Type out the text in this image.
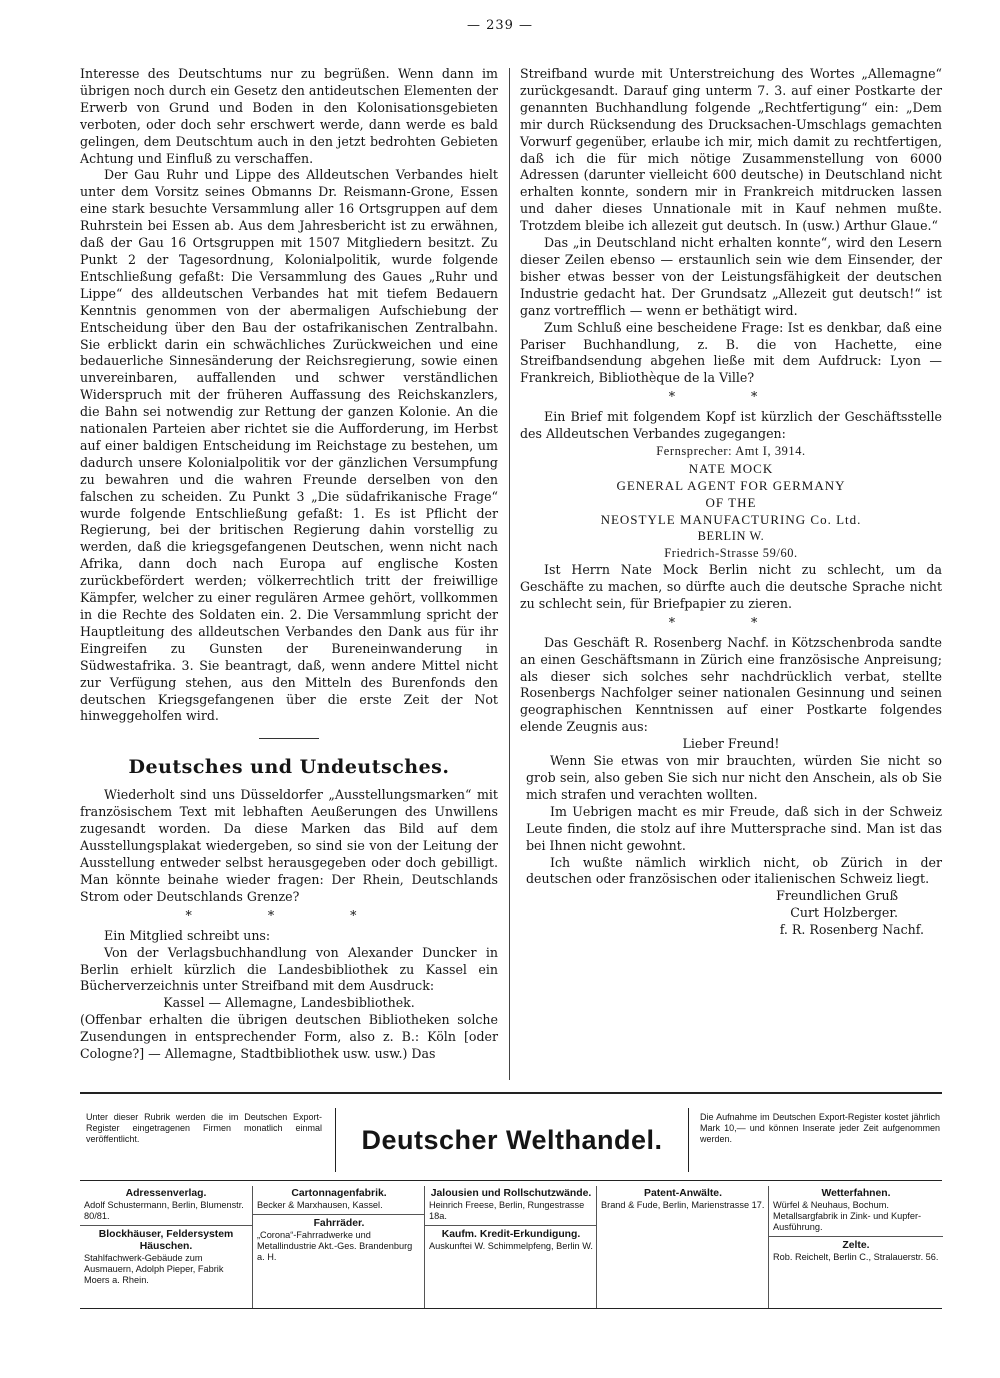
— 239 —

Interesse des Deutschtums nur zu begrüßen. Wenn dann im übrigen noch durch ein Gesetz den antideutschen Elementen der Erwerb von Grund und Boden in den Kolonisationsgebieten verboten, oder doch sehr erschwert werde, dann werde es bald gelingen, dem Deutschtum auch in den jetzt bedrohten Gebieten Achtung und Einfluß zu verschaffen.

Der Gau Ruhr und Lippe des Alldeutschen Verbandes hielt unter dem Vorsitz seines Obmanns Dr. Reismann-Grone, Essen eine stark besuchte Versammlung aller 16 Ortsgruppen auf dem Ruhrstein bei Essen ab. Aus dem Jahresbericht ist zu erwähnen, daß der Gau 16 Ortsgruppen mit 1507 Mitgliedern besitzt. Zu Punkt 2 der Tagesordnung, Kolonialpolitik, wurde folgende Entschließung gefaßt: Die Versammlung des Gaues „Ruhr und Lippe“ des alldeutschen Verbandes hat mit tiefem Bedauern Kenntnis genommen von der abermaligen Aufschiebung der Entscheidung über den Bau der ostafrikanischen Zentralbahn. Sie erblickt darin ein schwächliches Zurückweichen und eine bedauerliche Sinnesänderung der Reichsregierung, sowie einen unvereinbaren, auffallenden und schwer verständlichen Widerspruch mit der früheren Auffassung des Reichskanzlers, die Bahn sei notwendig zur Rettung der ganzen Kolonie. An die nationalen Parteien aber richtet sie die Aufforderung, im Herbst auf einer baldigen Entscheidung im Reichstage zu bestehen, um dadurch unsere Kolonialpolitik vor der gänzlichen Versumpfung zu bewahren und die wahren Freunde derselben von den falschen zu scheiden. Zu Punkt 3 „Die südafrikanische Frage“ wurde folgende Entschließung gefaßt: 1. Es ist Pflicht der Regierung, bei der britischen Regierung dahin vorstellig zu werden, daß die kriegsgefangenen Deutschen, wenn nicht nach Afrika, dann doch nach Europa auf englische Kosten zurückbefördert werden; völkerrechtlich tritt der freiwillige Kämpfer, welcher zu einer regulären Armee gehört, vollkommen in die Rechte des Soldaten ein. 2. Die Versammlung spricht der Hauptleitung des alldeutschen Verbandes den Dank aus für ihr Eingreifen zu Gunsten der Bureneinwanderung in Südwestafrika. 3. Sie beantragt, daß, wenn andere Mittel nicht zur Verfügung stehen, aus den Mitteln des Burenfonds den deutschen Kriegsgefangenen über die erste Zeit der Not hinweggeholfen wird.

Deutsches und Undeutsches.

Wiederholt sind uns Düsseldorfer „Ausstellungsmarken“ mit französischem Text mit lebhaften Aeußerungen des Unwillens zugesandt worden. Da diese Marken das Bild auf dem Ausstellungsplakat wiedergeben, so sind sie von der Leitung der Ausstellung entweder selbst herausgegeben oder doch gebilligt. Man könnte beinahe wieder fragen: Der Rhein, Deutschlands Strom oder Deutschlands Grenze?

* * *

Ein Mitglied schreibt uns:

Von der Verlagsbuchhandlung von Alexander Duncker in Berlin erhielt kürzlich die Landesbibliothek zu Kassel ein Bücherverzeichnis unter Streifband mit dem Ausdruck:

Kassel — Allemagne, Landesbibliothek.

(Offenbar erhalten die übrigen deutschen Bibliotheken solche Zusendungen in entsprechender Form, also z. B.: Köln [oder Cologne?] — Allemagne, Stadtbibliothek usw. usw.) Das

Streifband wurde mit Unterstreichung des Wortes „Allemagne“ zurückgesandt. Darauf ging unterm 7. 3. auf einer Postkarte der genannten Buchhandlung folgende „Rechtfertigung“ ein: „Dem mir durch Rücksendung des Drucksachen-Umschlags gemachten Vorwurf gegenüber, erlaube ich mir, mich damit zu rechtfertigen, daß ich die für mich nötige Zusammenstellung von 6000 Adressen (darunter vielleicht 600 deutsche) in Deutschland nicht erhalten konnte, sondern mir in Frankreich mitdrucken lassen und daher dieses Unnationale mit in Kauf nehmen mußte. Trotzdem bleibe ich allezeit gut deutsch. In (usw.) Arthur Glaue.“

Das „in Deutschland nicht erhalten konnte“, wird den Lesern dieser Zeilen ebenso — erstaunlich sein wie dem Einsender, der bisher etwas besser von der Leistungsfähigkeit der deutschen Industrie gedacht hat. Der Grundsatz „Allezeit gut deutsch!“ ist ganz vortrefflich — wenn er bethätigt wird.

Zum Schluß eine bescheidene Frage: Ist es denkbar, daß eine Pariser Buchhandlung, z. B. die von Hachette, eine Streifbandsendung abgehen ließe mit dem Aufdruck: Lyon — Frankreich, Bibliothèque de la Ville?

* *

Ein Brief mit folgendem Kopf ist kürzlich der Geschäftsstelle des Alldeutschen Verbandes zugegangen:

Fernsprecher: Amt I, 3914.
NATE MOCK
GENERAL AGENT FOR GERMANY
OF THE
NEOSTYLE MANUFACTURING Co. Ltd.
BERLIN W.
Friedrich-Strasse 59/60.

Ist Herrn Nate Mock Berlin nicht zu schlecht, um da Geschäfte zu machen, so dürfte auch die deutsche Sprache nicht zu schlecht sein, für Briefpapier zu zieren.

* *

Das Geschäft R. Rosenberg Nachf. in Kötzschenbroda sandte an einen Geschäftsmann in Zürich eine französische Anpreisung; als dieser sich solches sehr nachdrücklich verbat, stellte Rosenbergs Nachfolger seiner nationalen Gesinnung und seinen geographischen Kenntnissen auf einer Postkarte folgendes elende Zeugnis aus:

Lieber Freund!

Wenn Sie etwas von mir brauchten, würden Sie nicht so grob sein, also geben Sie sich nur nicht den Anschein, als ob Sie mich strafen und verachten wollten.

Im Uebrigen macht es mir Freude, daß sich in der Schweiz Leute finden, die stolz auf ihre Muttersprache sind. Man ist das bei Ihnen nicht gewohnt.

Ich wußte nämlich wirklich nicht, ob Zürich in der deutschen oder französischen oder italienischen Schweiz liegt.

Freundlichen Gruß

Curt Holzberger.

f. R. Rosenberg Nachf.

Unter dieser Rubrik werden die im Deutschen Export-Register eingetragenen Firmen monatlich einmal veröffentlicht.	Deutscher Welthandel.
Die Aufnahme im Deutschen Export-Register kostet jährlich Mark 10,— und können Inserate jeder Zeit aufgenommen werden.
Adressenverlag.
Adolf Schustermann, Berlin, Blumenstr. 80/81.
Blockhäuser, Feldersystem Häuschen.
Stahlfachwerk-Gebäude zum Ausmauern, Adolph Pieper, Fabrik Moers a. Rhein.
Cartonnagenfabrik.
Becker & Marxhausen, Kassel.
Fahrräder.
„Corona“-Fahrradwerke und Metallindustrie Akt.-Ges. Brandenburg a. H.
Jalousien und Rollschutzwände.
Heinrich Freese, Berlin, Rungestrasse 18a.
Kaufm. Kredit-Erkundigung.
Auskunftei W. Schimmelpfeng, Berlin W.
Patent-Anwälte.
Brand & Fude, Berlin, Marienstrasse 17.
Wetterfahnen.
Würfel & Neuhaus, Bochum. Metallsargfabrik in Zink- und Kupfer-Ausführung.
Zelte.
Rob. Reichelt, Berlin C., Stralauerstr. 56.
